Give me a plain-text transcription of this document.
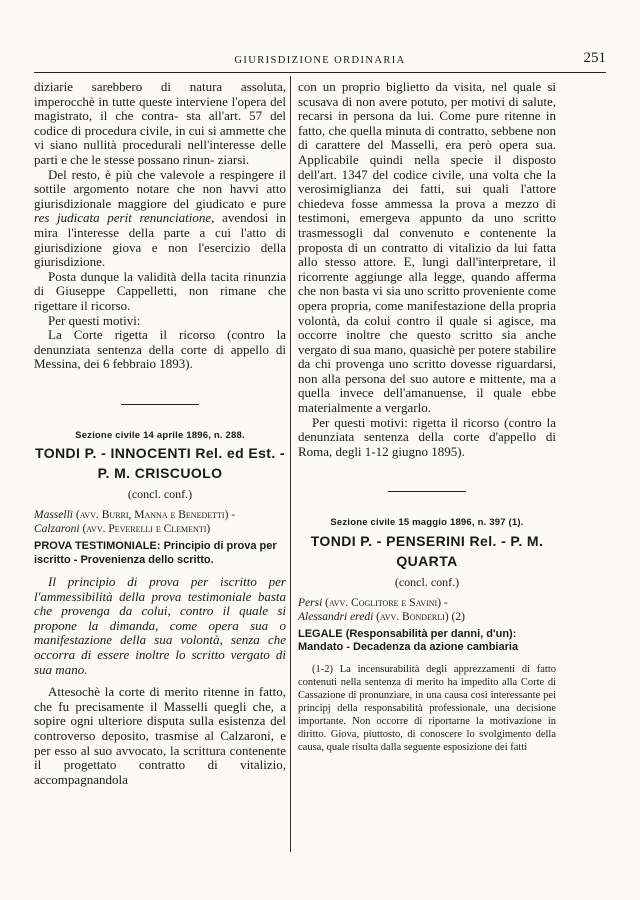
GIURISDIZIONE ORDINARIA	251

diziarie sarebbero di natura assoluta, imperocchè in tutte queste interviene l'opera del magistrato, il che contra- sta all'art. 57 del codice di procedura civile, in cui si ammette che vi siano nullità procedurali nell'interesse delle parti e che le stesse possano rinun- ziarsi.

Del resto, è più che valevole a respingere il sottile argomento notare che non havvi atto giurisdizionale maggiore del giudicato e pure res judicata perit renunciatione, avendosi in mira l'interesse della parte a cui l'atto di giurisdizione giova e non l'esercizio della giurisdizione.

Posta dunque la validità della tacita rinunzia di Giuseppe Cappelletti, non rimane che rigettare il ricorso.

Per questi motivi:

La Corte rigetta il ricorso (contro la denunziata sentenza della corte di appello di Messina, dei 6 febbraio 1893).

Sezione civile 14 aprile 1896, n. 288.
TONDI P. - INNOCENTI Rel. ed Est. -
P. M. CRISCUOLO
(concl. conf.)
Masselli (avv. Burri, Manna e Benedetti) -
Calzaroni (avv. Peverelli e Clementi)
PROVA TESTIMONIALE: Principio di prova per iscritto - Provenienza dello scritto.

Il principio di prova per iscritto per l'ammessibilità della prova testimoniale basta che provenga da colui, contro il quale si propone la dimanda, come opera sua o manifestazione della sua volontà, senza che occorra di essere inoltre lo scritto vergato di sua mano.

Attesochè la corte di merito ritenne in fatto, che fu precisamente il Masselli quegli che, a sopire ogni ulteriore disputa sulla esistenza del controverso deposito, trasmise al Calzaroni, e per esso al suo avvocato, la scrittura contenente il progettato contratto di vitalizio, accompagnandola

con un proprio biglietto da visita, nel quale si scusava di non avere potuto, per motivi di salute, recarsi in persona da lui. Come pure ritenne in fatto, che quella minuta di contratto, sebbene non di carattere del Masselli, era però opera sua. Applicabile quindi nella specie il disposto dell'art. 1347 del codice civile, una volta che la verosimiglianza dei fatti, sui quali l'attore chiedeva fosse ammessa la prova a mezzo di testimoni, emergeva appunto da uno scritto trasmessogli dal convenuto e contenente la proposta di un contratto di vitalizio da lui fatta allo stesso attore. E, lungi dall'interpretare, il ricorrente aggiunge alla legge, quando afferma che non basta vi sia uno scritto proveniente come opera propria, come manifestazione della propria volontà, da colui contro il quale si agisce, ma occorre inoltre che questo scritto sia anche vergato di sua mano, quasichè per potere stabilire da chi provenga uno scritto dovesse riguardarsi, non alla persona del suo autore e mittente, ma a quella invece dell'amanuense, il quale ebbe materialmente a vergarlo.

Per questi motivi: rigetta il ricorso (contro la denunziata sentenza della corte d'appello di Roma, degli 1-12 giugno 1895).

Sezione civile 15 maggio 1896, n. 397 (1).
TONDI P. - PENSERINI Rel. - P. M. QUARTA
(concl. conf.)
Persi (avv. Coglitore e Savini) -
Alessandri eredi (avv. Bonderli) (2)
LEGALE (Responsabilità per danni, d'un): Mandato - Decadenza da azione cambiaria

(1-2) La incensurabilità degli apprezzamenti di fatto contenuti nella sentenza di merito ha impedito alla Corte di Cassazione di pronunziare, in una causa così interessante pei principj della responsabilità professionale, una decisione importante. Non occorre di riportarne la motivazione in diritto. Giova, piuttosto, di conoscere lo svolgimento della causa, quale risulta dalla seguente esposizione dei fatti
